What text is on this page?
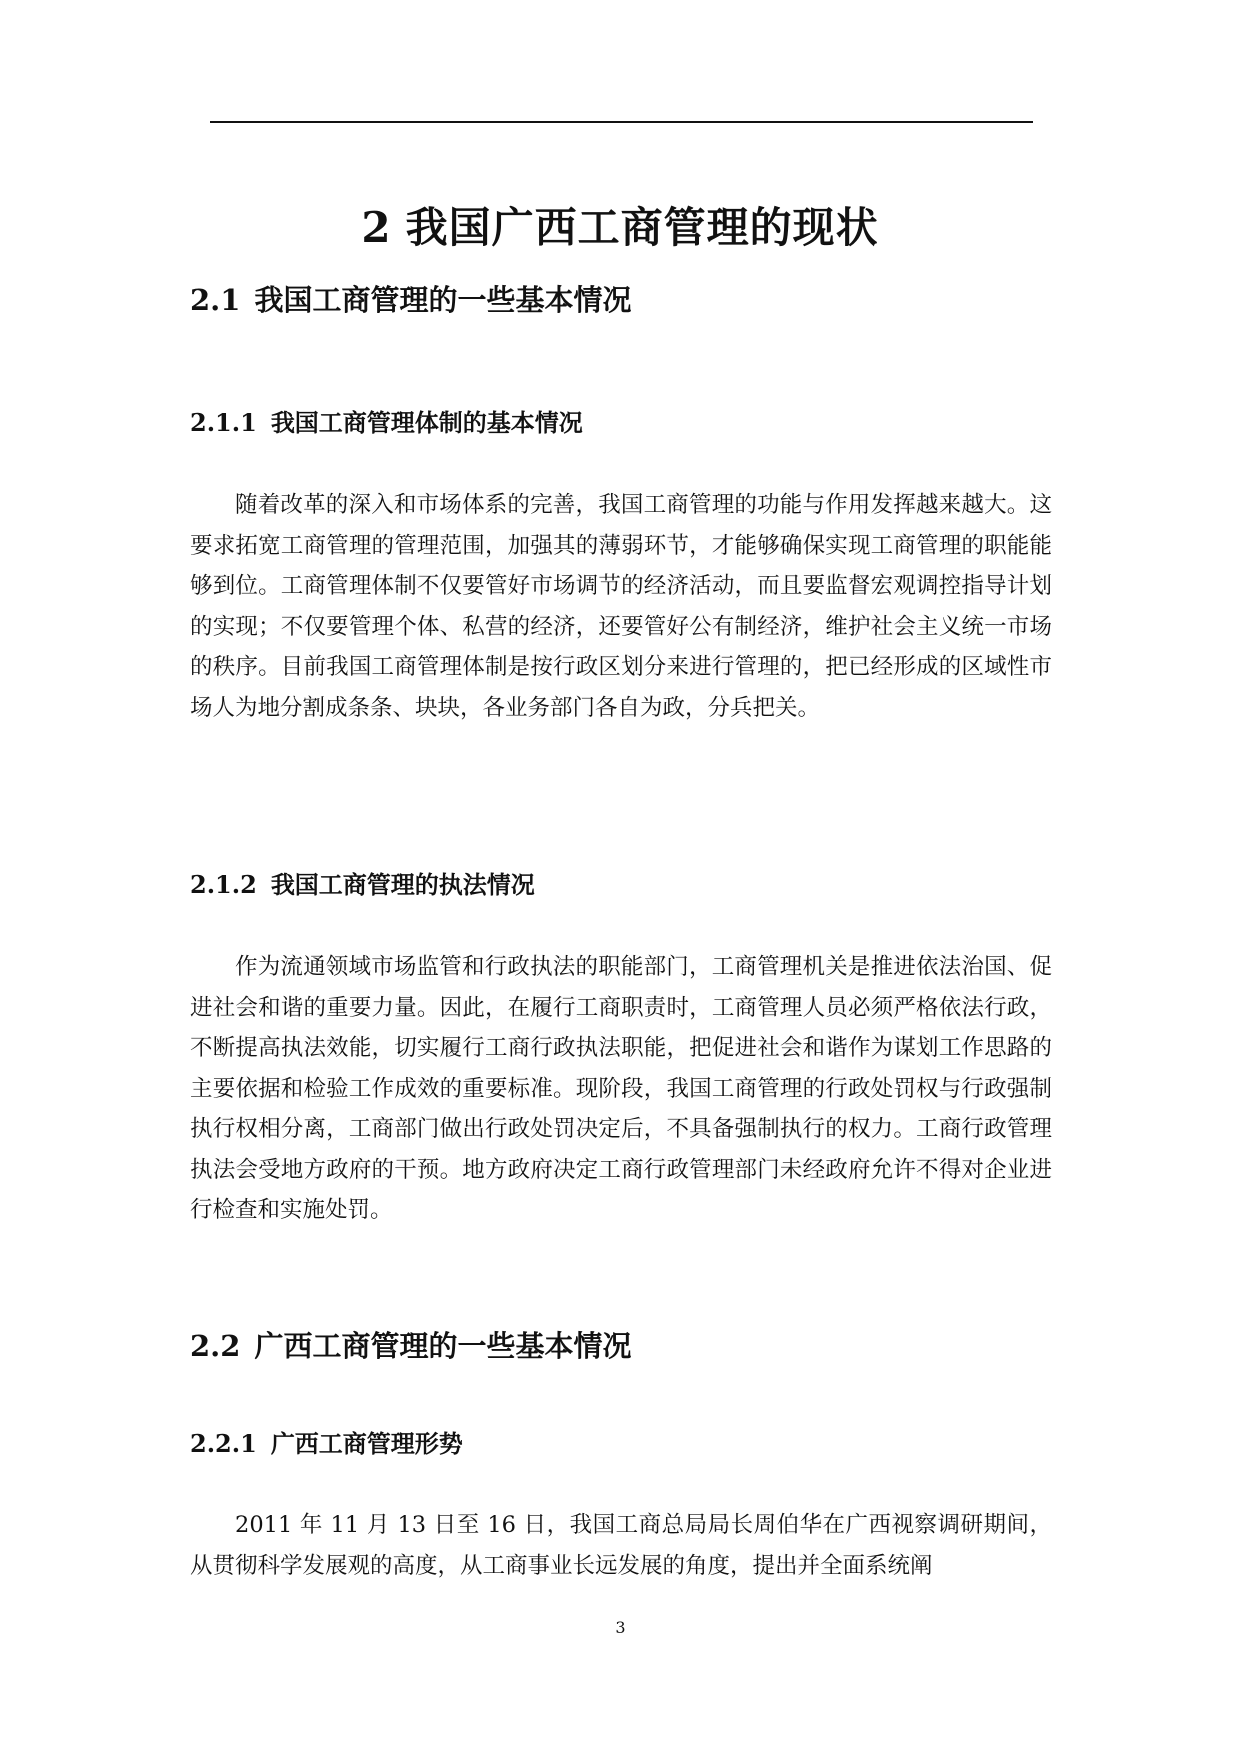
2 我国广西工商管理的现状
2.1 我国工商管理的一些基本情况
2.1.1 我国工商管理体制的基本情况

随着改革的深入和市场体系的完善，我国工商管理的功能与作用发挥越来越大。这要求拓宽工商管理的管理范围，加强其的薄弱环节，才能够确保实现工商管理的职能能够到位。工商管理体制不仅要管好市场调节的经济活动，而且要监督宏观调控指导计划的实现；不仅要管理个体、私营的经济，还要管好公有制经济，维护社会主义统一市场的秩序。目前我国工商管理体制是按行政区划分来进行管理的，把已经形成的区域性市场人为地分割成条条、块块，各业务部门各自为政，分兵把关。

2.1.2 我国工商管理的执法情况

作为流通领域市场监管和行政执法的职能部门，工商管理机关是推进依法治国、促进社会和谐的重要力量。因此，在履行工商职责时，工商管理人员必须严格依法行政，不断提高执法效能，切实履行工商行政执法职能，把促进社会和谐作为谋划工作思路的主要依据和检验工作成效的重要标准。现阶段，我国工商管理的行政处罚权与行政强制执行权相分离，工商部门做出行政处罚决定后，不具备强制执行的权力。工商行政管理执法会受地方政府的干预。地方政府决定工商行政管理部门未经政府允许不得对企业进行检查和实施处罚。

2.2 广西工商管理的一些基本情况
2.2.1 广西工商管理形势

2011 年 11 月 13 日至 16 日，我国工商总局局长周伯华在广西视察调研期间，从贯彻科学发展观的高度，从工商事业长远发展的角度，提出并全面系统阐

3
